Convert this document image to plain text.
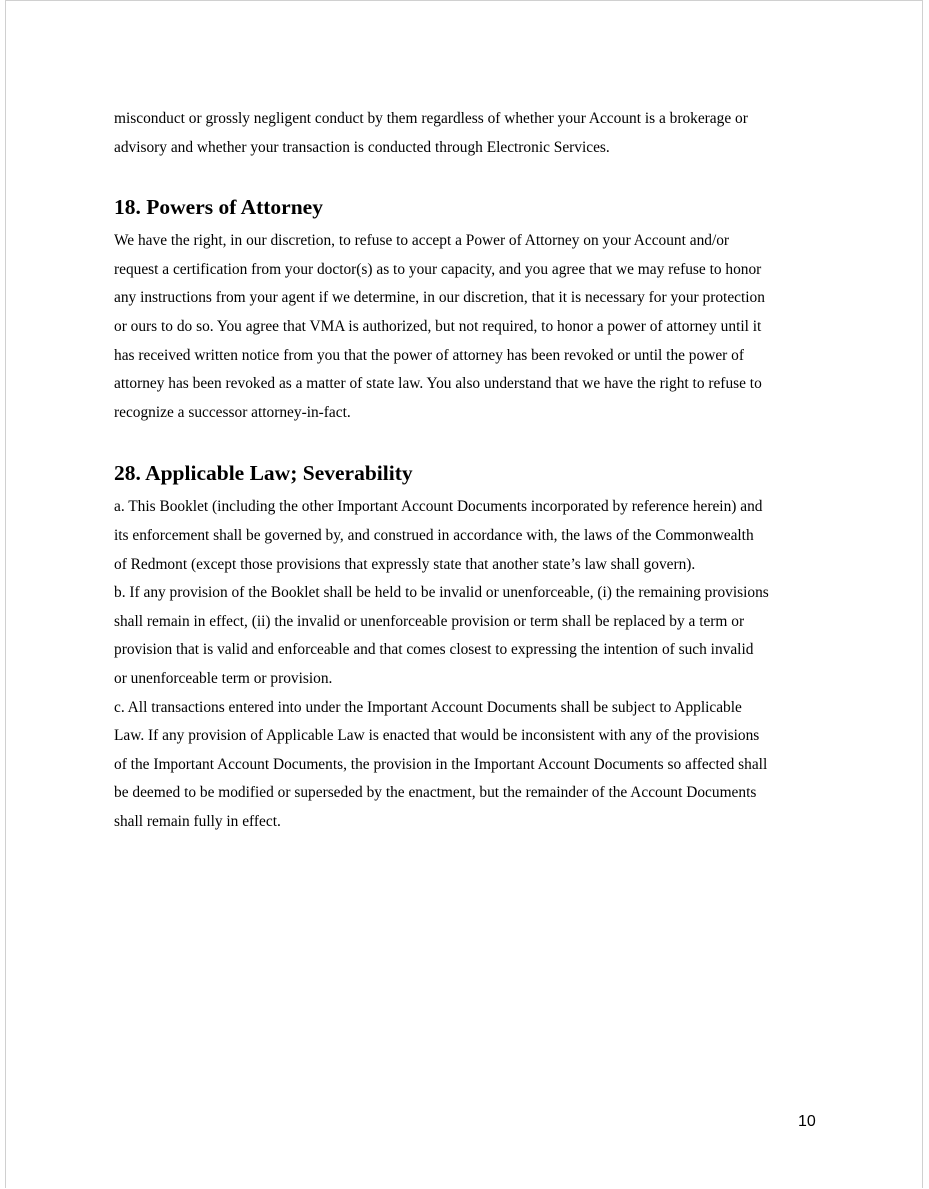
misconduct or grossly negligent conduct by them regardless of whether your Account is a brokerage or
advisory and whether your transaction is conducted through Electronic Services.

18. Powers of Attorney

We have the right, in our discretion, to refuse to accept a Power of Attorney on your Account and/or
request a certification from your doctor(s) as to your capacity, and you agree that we may refuse to honor
any instructions from your agent if we determine, in our discretion, that it is necessary for your protection
or ours to do so. You agree that VMA is authorized, but not required, to honor a power of attorney until it
has received written notice from you that the power of attorney has been revoked or until the power of
attorney has been revoked as a matter of state law. You also understand that we have the right to refuse to
recognize a successor attorney-in-fact.

28. Applicable Law; Severability

a. This Booklet (including the other Important Account Documents incorporated by reference herein) and
its enforcement shall be governed by, and construed in accordance with, the laws of the Commonwealth
of Redmont (except those provisions that expressly state that another state’s law shall govern).
b. If any provision of the Booklet shall be held to be invalid or unenforceable, (i) the remaining provisions
shall remain in effect, (ii) the invalid or unenforceable provision or term shall be replaced by a term or
provision that is valid and enforceable and that comes closest to expressing the intention of such invalid
or unenforceable term or provision.
c. All transactions entered into under the Important Account Documents shall be subject to Applicable
Law. If any provision of Applicable Law is enacted that would be inconsistent with any of the provisions
of the Important Account Documents, the provision in the Important Account Documents so affected shall
be deemed to be modified or superseded by the enactment, but the remainder of the Account Documents
shall remain fully in effect.

10
